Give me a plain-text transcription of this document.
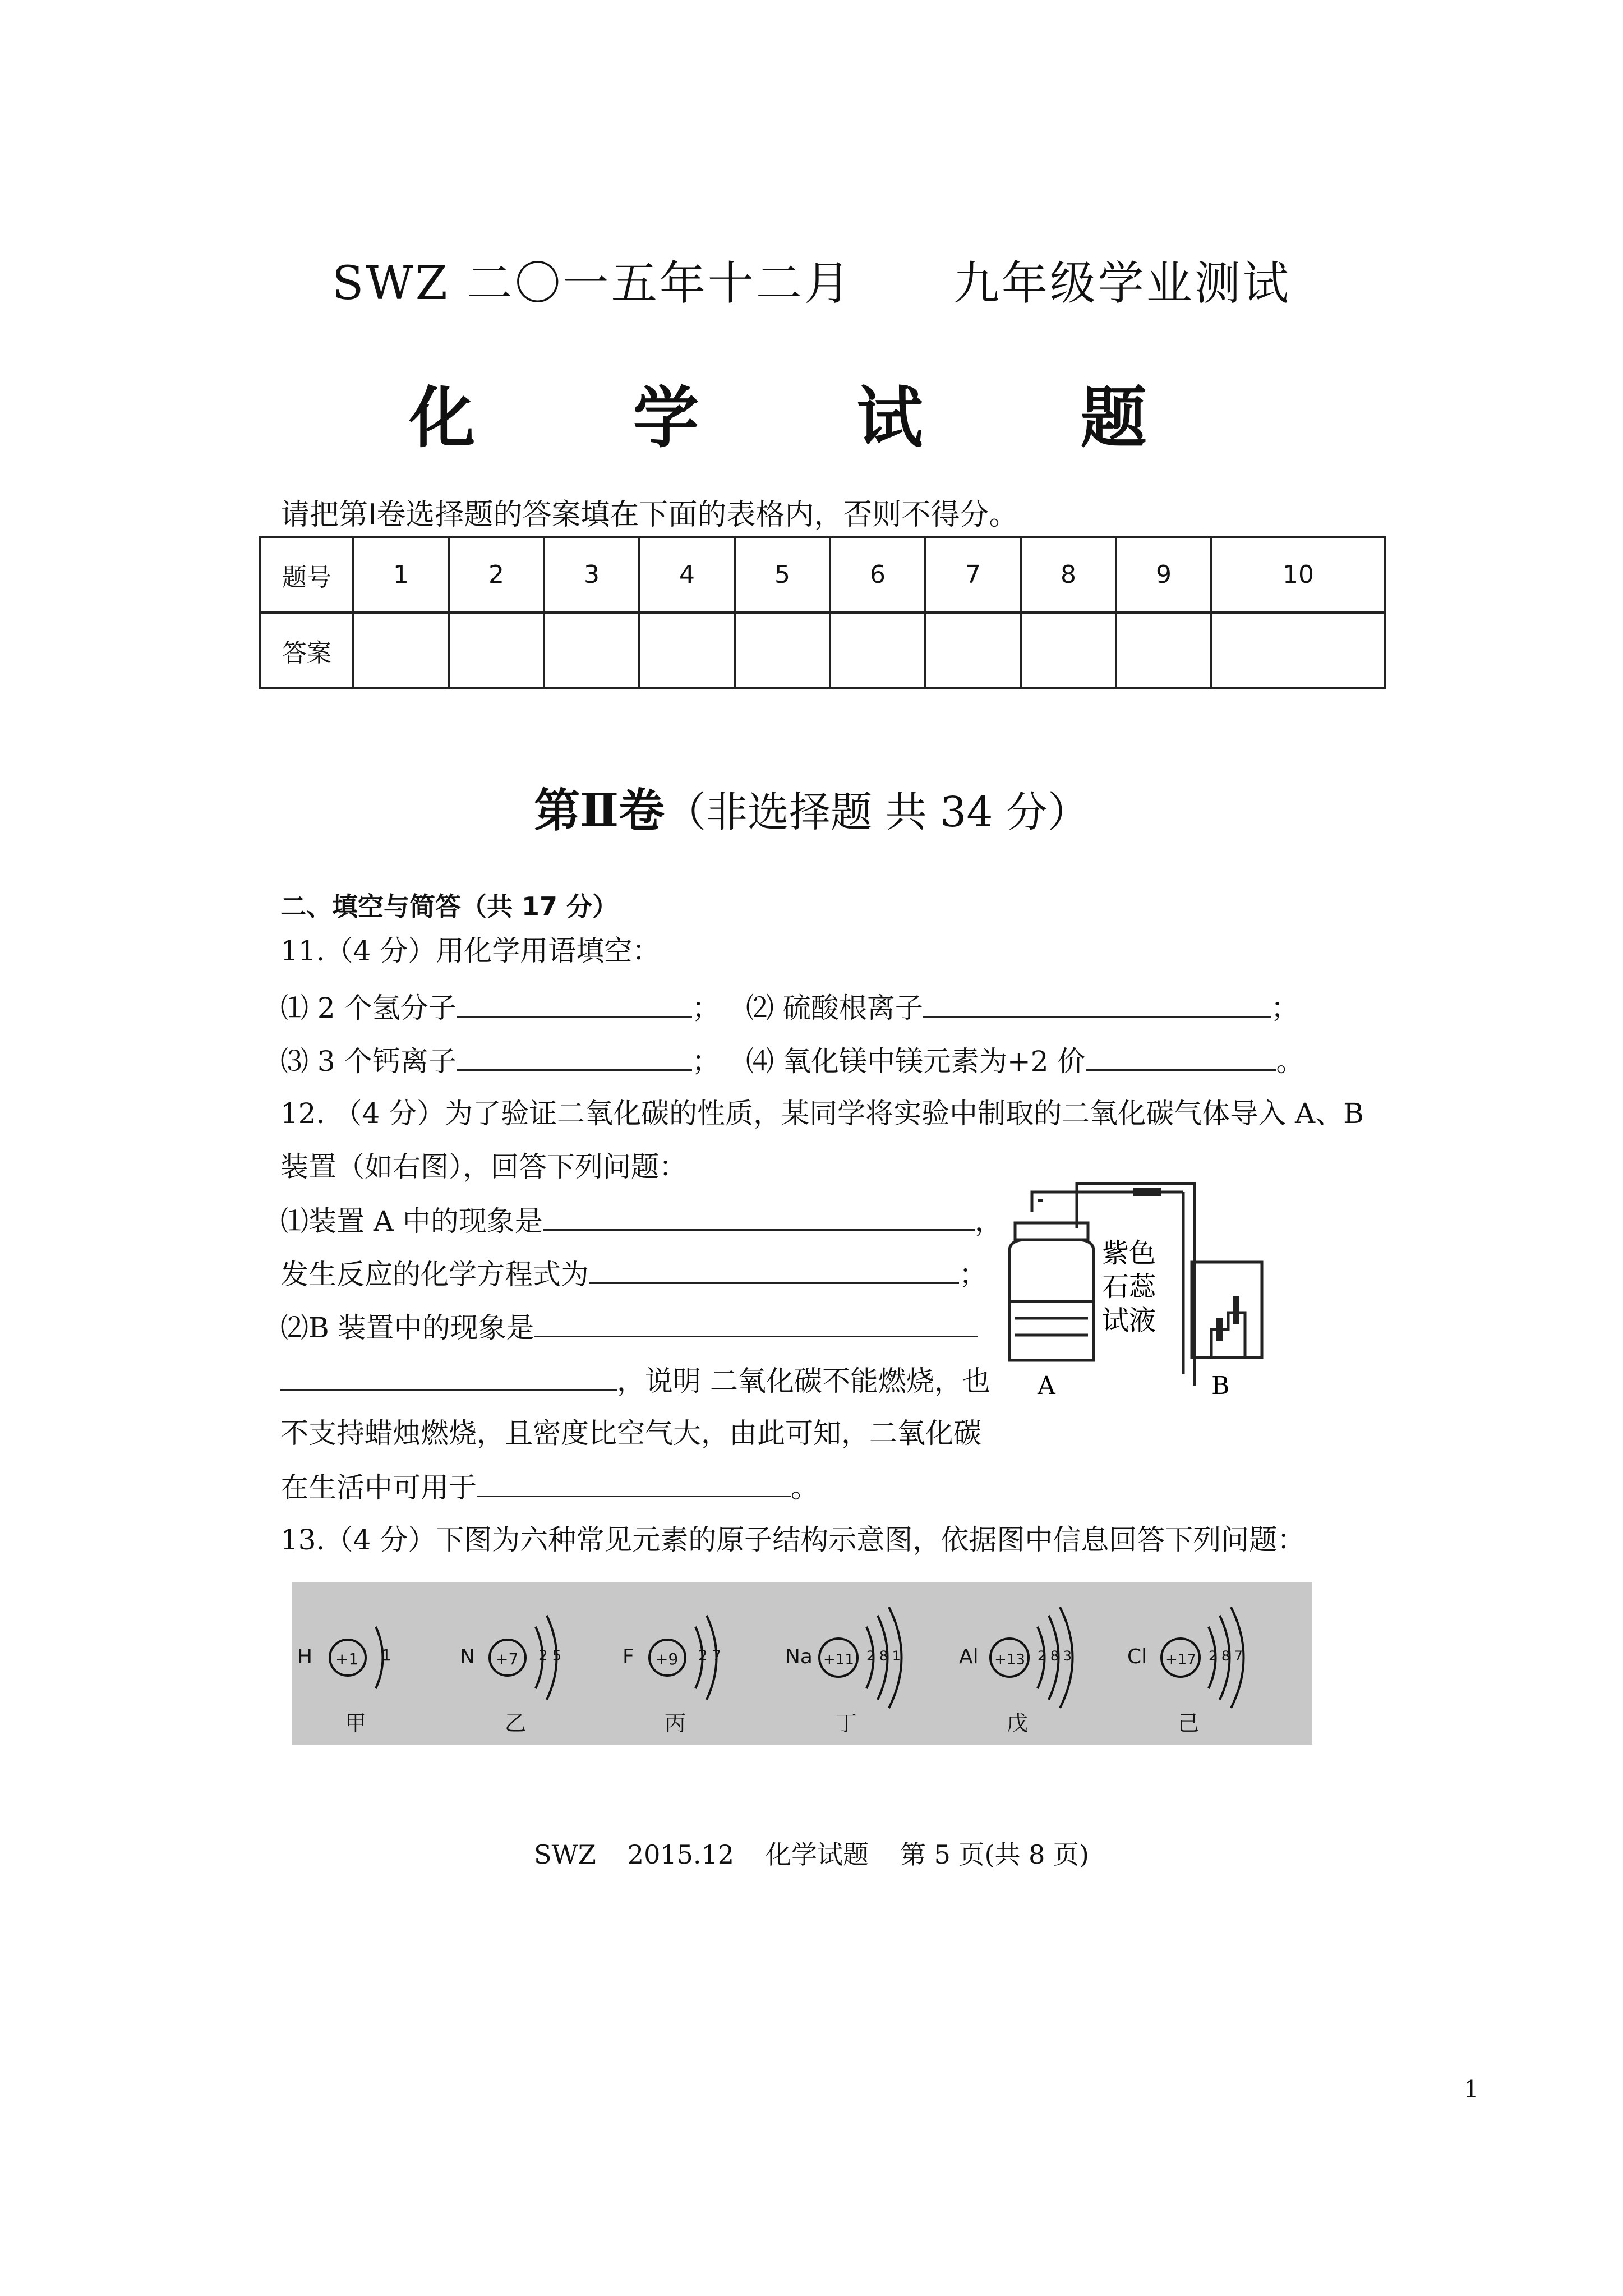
SWZ 二〇一五年十二月 九年级学业测试
化 学 试 题
请把第Ⅰ卷选择题的答案填在下面的表格内，否则不得分。
题号	1	2	3	4	5	6	7	8	9	10
答案										
第Ⅱ卷（非选择题 共 34 分）
二、填空与简答（共 17 分）
11.（4 分）用化学用语填空：
⑴ 2 个氢分子	； ⑵ 硫酸根离子	；
⑶ 3 个钙离子	； ⑷ 氧化镁中镁元素为+2 价	。
12. （4 分）为了验证二氧化碳的性质，某同学将实验中制取的二氧化碳气体导入 A、B
装置（如右图），回答下列问题：
⑴装置 A 中的现象是	，
发生反应的化学方程式为	；
⑵B 装置中的现象是
，说明 二氧化碳不能燃烧，也
不支持蜡烛燃烧，且密度比空气大，由此可知，二氧化碳
在生活中可用于	。
紫色
石蕊
试液
A	B
13.（4 分）下图为六种常见元素的原子结构示意图，依据图中信息回答下列问题：
H +1 1
甲
N +7 2 5
乙
F +9 2 7
丙
Na +11 2 8 1
丁
Al +13 2 8 3
戊
Cl +17 2 8 7
己
SWZ 2015.12 化学试题 第 5 页(共 8 页)
1
